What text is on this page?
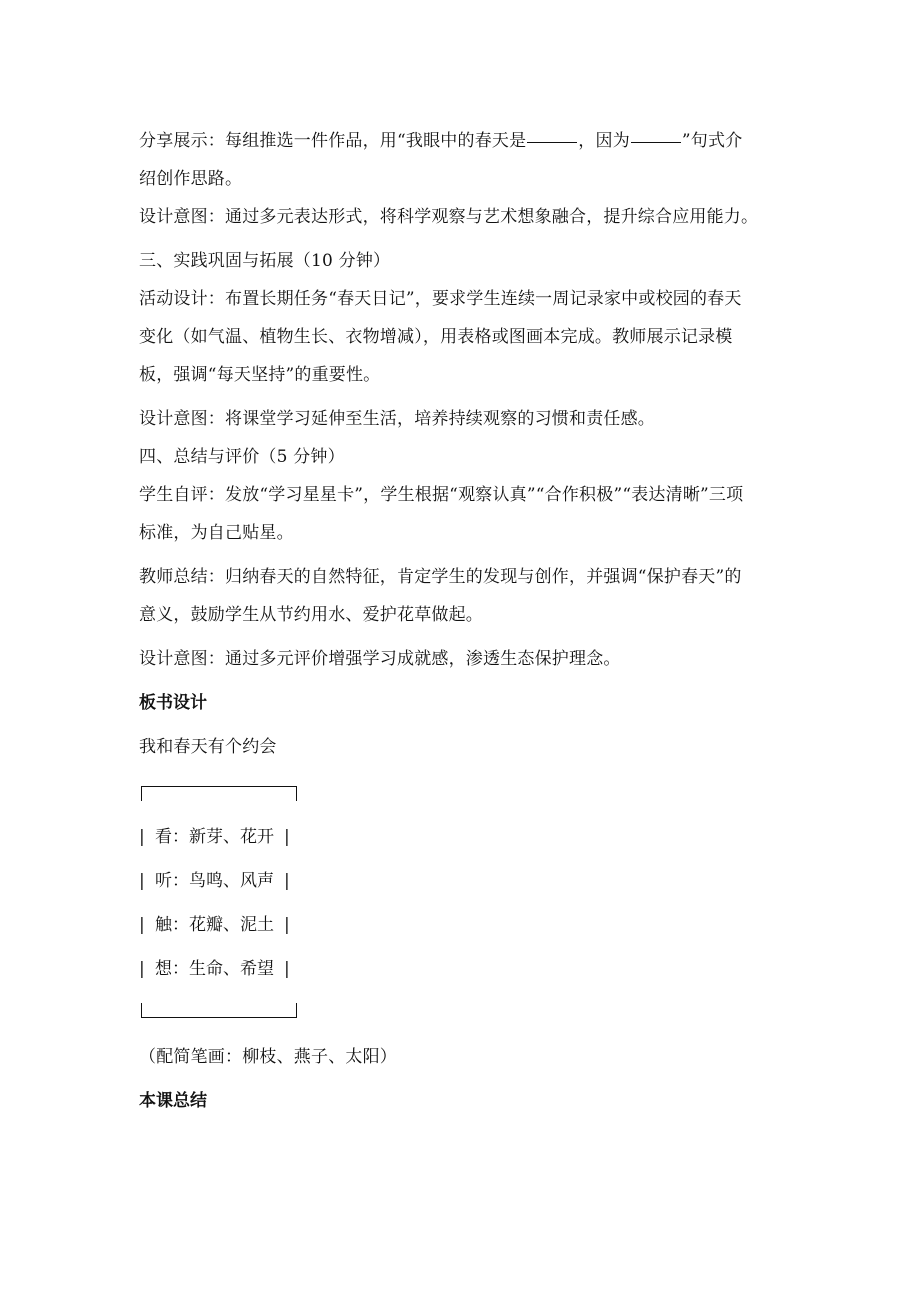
分享展示：每组推选一件作品，用“我眼中的春天是	，因为	”句式介
绍创作思路。

设计意图：通过多元表达形式，将科学观察与艺术想象融合，提升综合应用能力。

三、实践巩固与拓展（10 分钟）

活动设计：布置长期任务“春天日记”，要求学生连续一周记录家中或校园的春天
变化（如气温、植物生长、衣物增减），用表格或图画本完成。教师展示记录模
板，强调“每天坚持”的重要性。

设计意图：将课堂学习延伸至生活，培养持续观察的习惯和责任感。

四、总结与评价（5 分钟）

学生自评：发放“学习星星卡”，学生根据“观察认真”“合作积极”“表达清晰”三项
标准，为自己贴星。

教师总结：归纳春天的自然特征，肯定学生的发现与创作，并强调“保护春天”的
意义，鼓励学生从节约用水、爱护花草做起。

设计意图：通过多元评价增强学习成就感，渗透生态保护理念。

板书设计

我和春天有个约会

| 看：新芽、花开 |

| 听：鸟鸣、风声 |

| 触：花瓣、泥土 |

| 想：生命、希望 |

（配简笔画：柳枝、燕子、太阳）

本课总结
